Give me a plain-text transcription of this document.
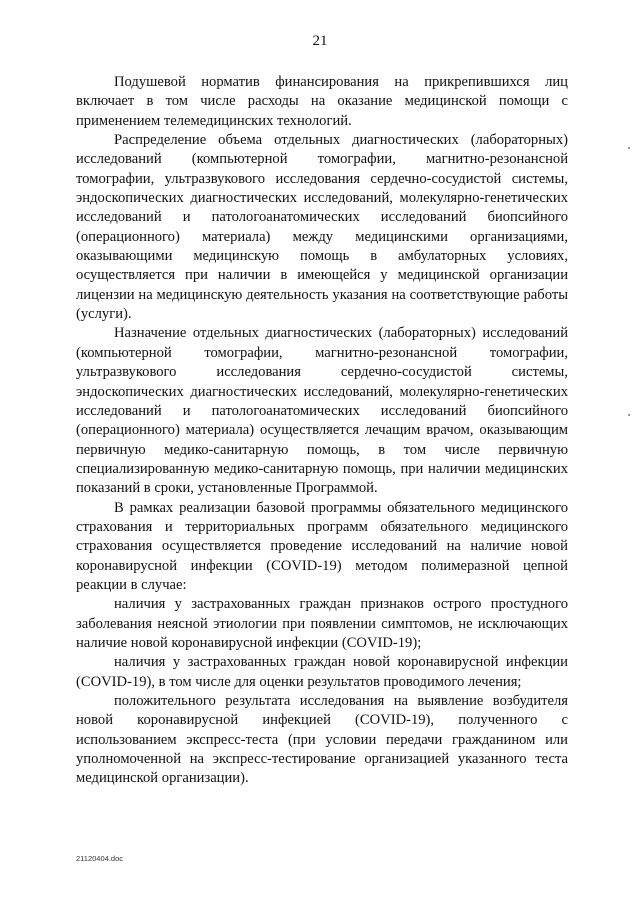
21

Подушевой норматив финансирования на прикрепившихся лиц включает в том числе расходы на оказание медицинской помощи с применением телемедицинских технологий.

Распределение объема отдельных диагностических (лабораторных) исследований (компьютерной томографии, магнитно-резонансной томографии, ультразвукового исследования сердечно-сосудистой системы, эндоскопических диагностических исследований, молекулярно-генетических исследований и патологоанатомических исследований биопсийного (операционного) материала) между медицинскими организациями, оказывающими медицинскую помощь в амбулаторных условиях, осуществляется при наличии в имеющейся у медицинской организации лицензии на медицинскую деятельность указания на соответствующие работы (услуги).

Назначение отдельных диагностических (лабораторных) исследований (компьютерной томографии, магнитно-резонансной томографии, ультразвукового исследования сердечно-сосудистой системы, эндоскопических диагностических исследований, молекулярно-генетических исследований и патологоанатомических исследований биопсийного (операционного) материала) осуществляется лечащим врачом, оказывающим первичную медико-санитарную помощь, в том числе первичную специализированную медико-санитарную помощь, при наличии медицинских показаний в сроки, установленные Программой.

В рамках реализации базовой программы обязательного медицинского страхования и территориальных программ обязательного медицинского страхования осуществляется проведение исследований на наличие новой коронавирусной инфекции (COVID-19) методом полимеразной цепной реакции в случае:

наличия у застрахованных граждан признаков острого простудного заболевания неясной этиологии при появлении симптомов, не исключающих наличие новой коронавирусной инфекции (COVID-19);

наличия у застрахованных граждан новой коронавирусной инфекции (COVID-19), в том числе для оценки результатов проводимого лечения;

положительного результата исследования на выявление возбудителя новой коронавирусной инфекцией (COVID-19), полученного с использованием экспресс-теста (при условии передачи гражданином или уполномоченной на экспресс-тестирование организацией указанного теста медицинской организации).

21120404.doc
